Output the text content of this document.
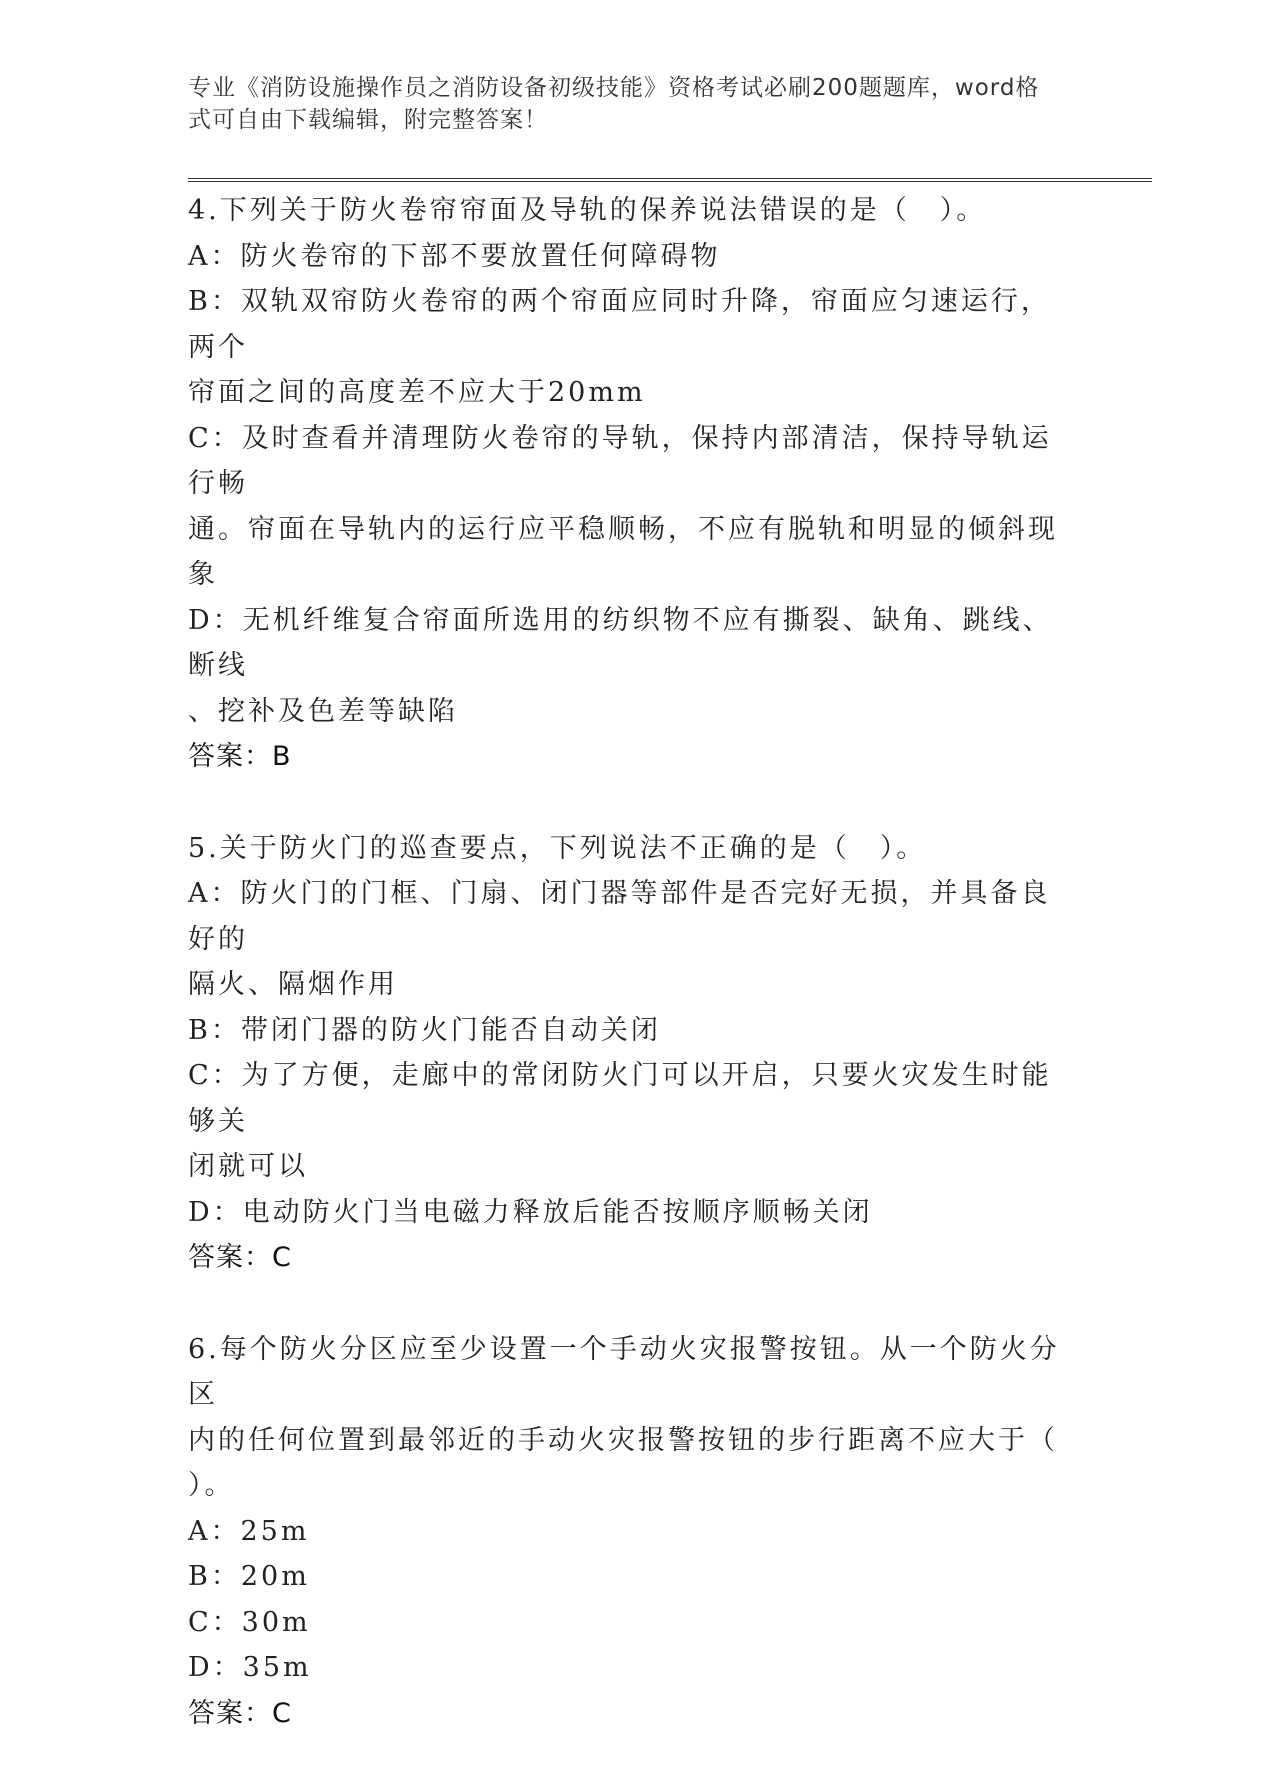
专业《消防设施操作员之消防设备初级技能》资格考试必刷200题题库，word格
式可自由下载编辑，附完整答案！
4.下列关于防火卷帘帘面及导轨的保养说法错误的是（　）。
A：防火卷帘的下部不要放置任何障碍物
B：双轨双帘防火卷帘的两个帘面应同时升降，帘面应匀速运行，两个
帘面之间的高度差不应大于20mm
C：及时查看并清理防火卷帘的导轨，保持内部清洁，保持导轨运行畅
通。帘面在导轨内的运行应平稳顺畅，不应有脱轨和明显的倾斜现象
D：无机纤维复合帘面所选用的纺织物不应有撕裂、缺角、跳线、断线
、挖补及色差等缺陷
答案：B
5.关于防火门的巡查要点，下列说法不正确的是（　）。
A：防火门的门框、门扇、闭门器等部件是否完好无损，并具备良好的
隔火、隔烟作用
B：带闭门器的防火门能否自动关闭
C：为了方便，走廊中的常闭防火门可以开启，只要火灾发生时能够关
闭就可以
D：电动防火门当电磁力释放后能否按顺序顺畅关闭
答案：C
6.每个防火分区应至少设置一个手动火灾报警按钮。从一个防火分区
内的任何位置到最邻近的手动火灾报警按钮的步行距离不应大于（
）。
A：25m
B：20m
C：30m
D：35m
答案：C
